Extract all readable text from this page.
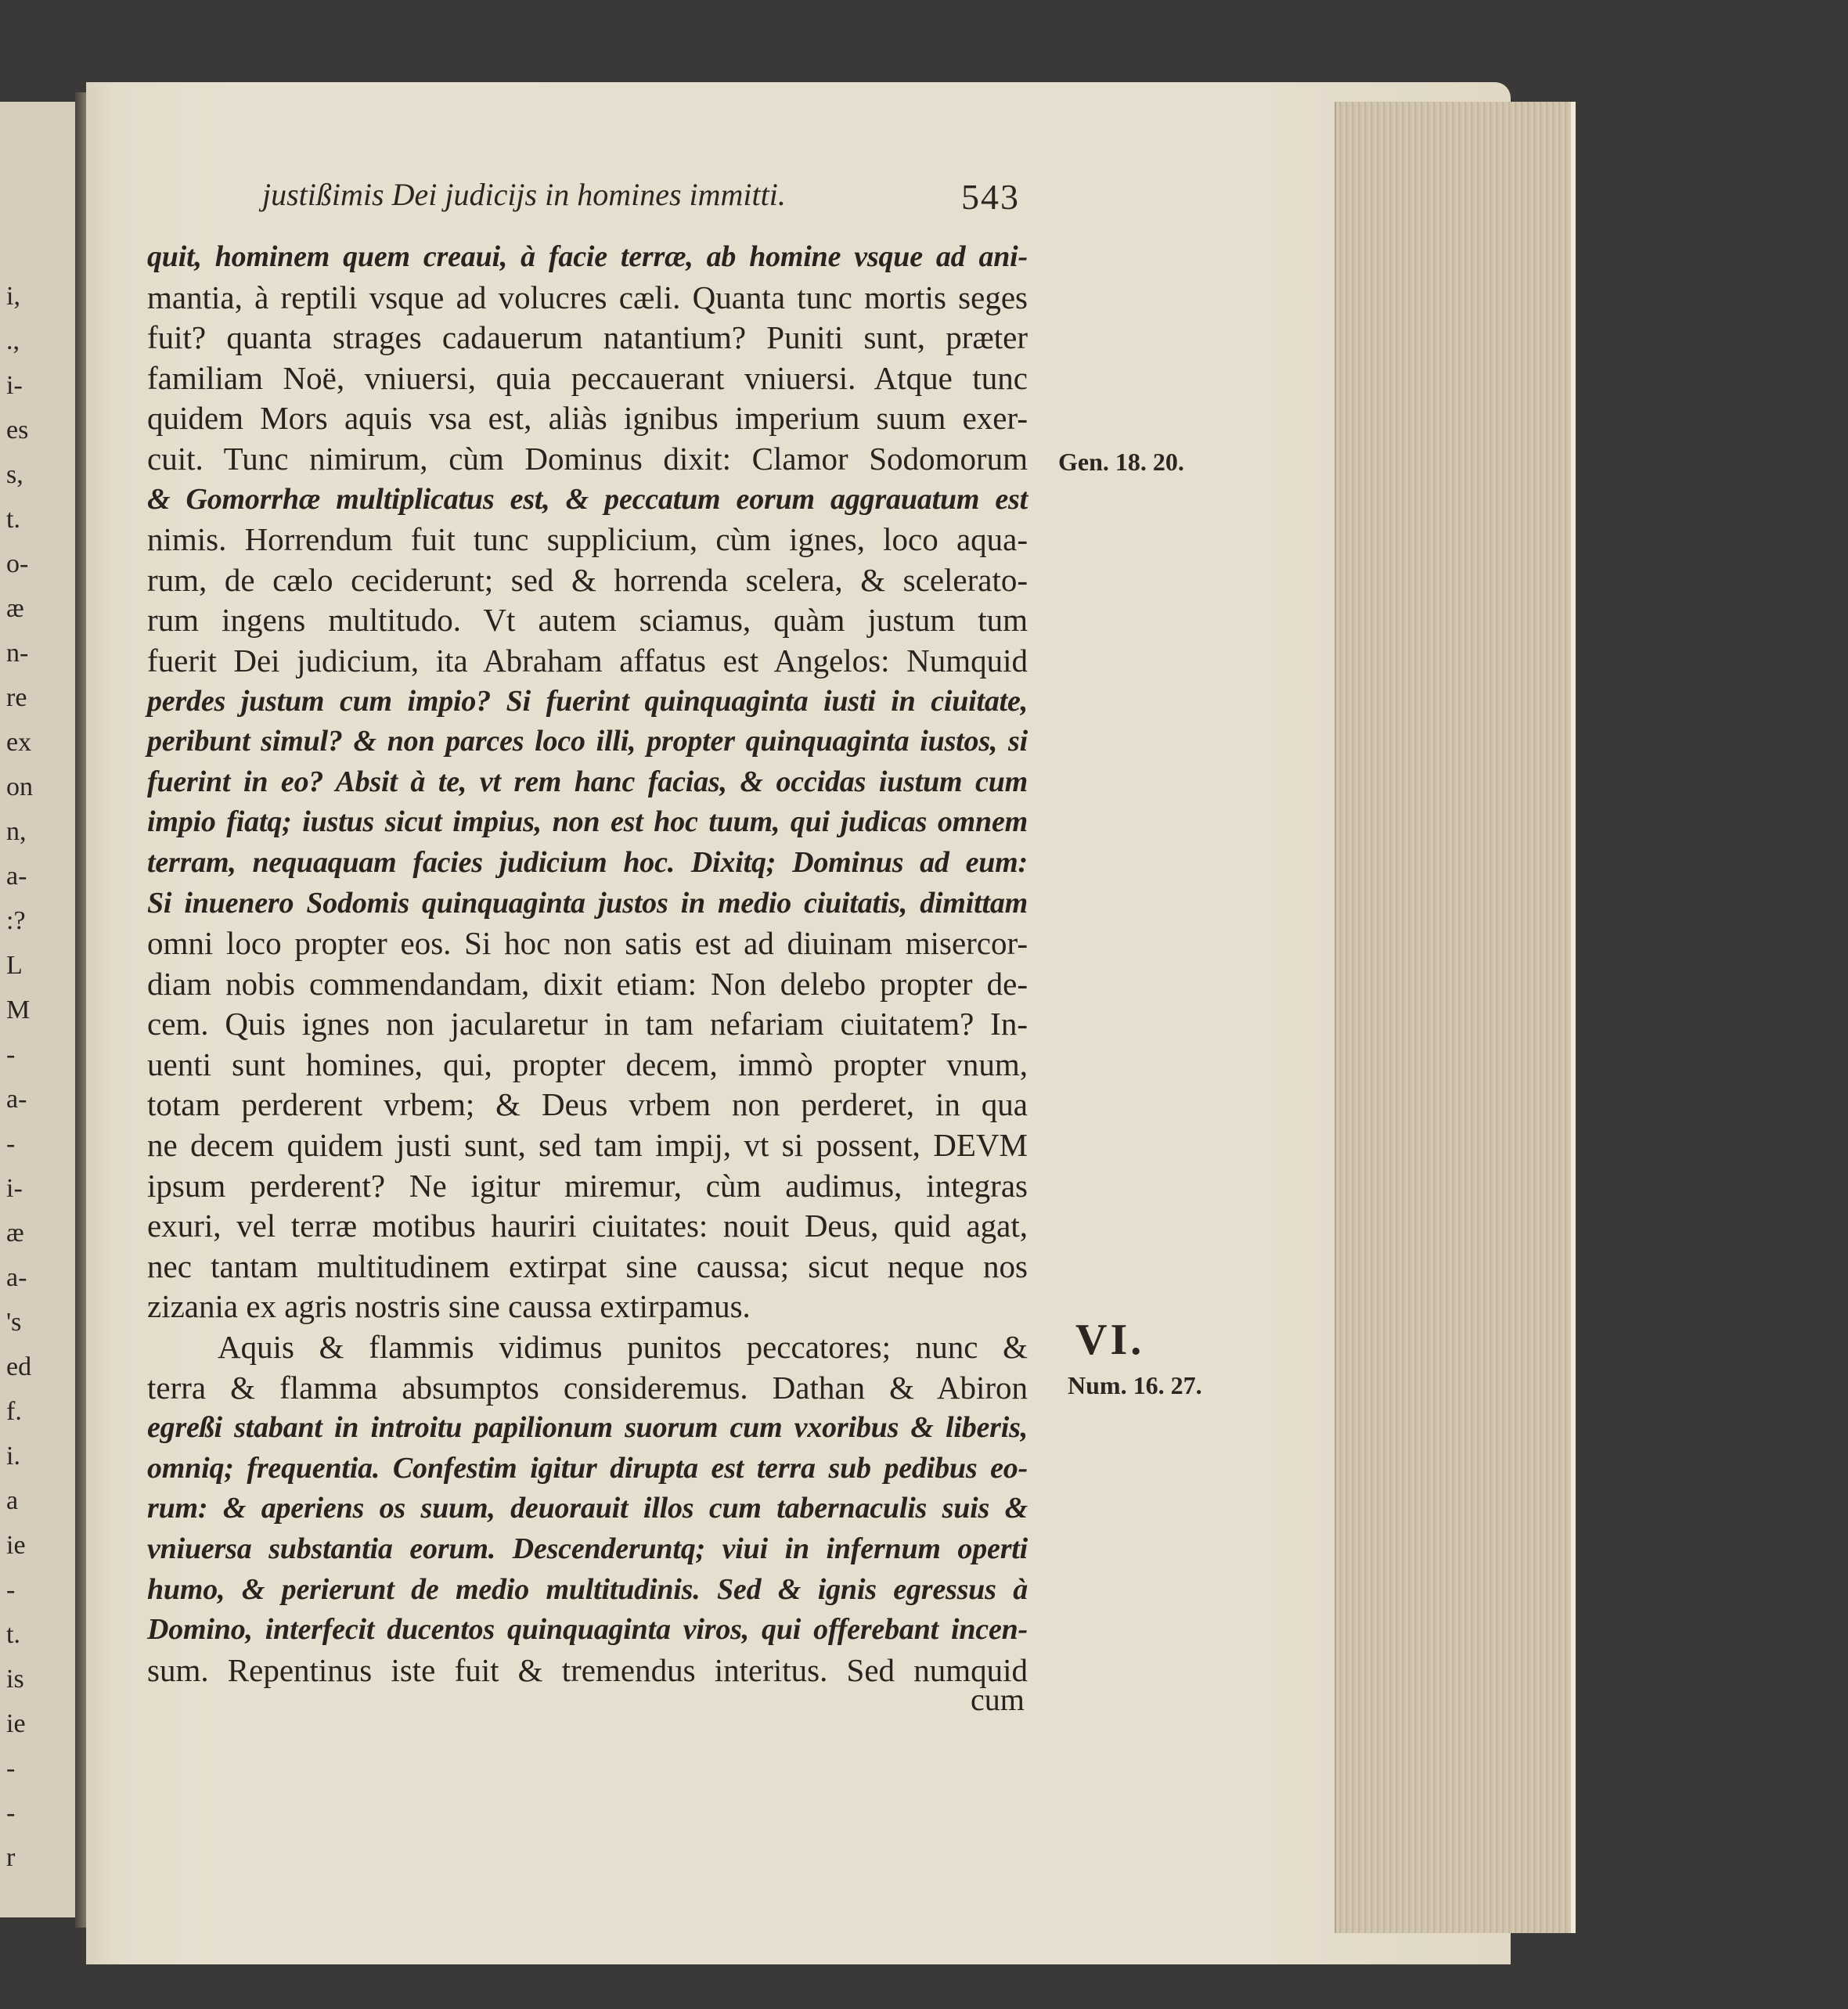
i,
.,
i-
es
s,
t.
o-
æ
n-
re
ex
on
n,
a-
:?
L
M
-
a-
-
i-
æ
a-
's
ed
f.
i.
a
ie
-
t.
is
ie
-
-
r
justißimis Dei judicijs in homines immitti.	543
quit, hominem quem creaui, à facie terræ, ab homine vsque ad ani-
mantia, à reptili vsque ad volucres cæli. Quanta tunc mortis seges
fuit? quanta strages cadauerum natantium? Puniti sunt, præter
familiam Noë, vniuersi, quia peccauerant vniuersi. Atque tunc
quidem Mors aquis vsa est, aliàs ignibus imperium suum exer-
cuit. Tunc nimirum, cùm Dominus dixit: Clamor Sodomorum
& Gomorrhæ multiplicatus est, & peccatum eorum aggrauatum est
nimis. Horrendum fuit tunc supplicium, cùm ignes, loco aqua-
rum, de cælo ceciderunt; sed & horrenda scelera, & scelerato-
rum ingens multitudo. Vt autem sciamus, quàm justum tum
fuerit Dei judicium, ita Abraham affatus est Angelos: Numquid
perdes justum cum impio? Si fuerint quinquaginta iusti in ciuitate,
peribunt simul? & non parces loco illi, propter quinquaginta iustos, si
fuerint in eo? Absit à te, vt rem hanc facias, & occidas iustum cum
impio fiatq; iustus sicut impius, non est hoc tuum, qui judicas omnem
terram, nequaquam facies judicium hoc. Dixitq; Dominus ad eum:
Si inuenero Sodomis quinquaginta justos in medio ciuitatis, dimittam
omni loco propter eos. Si hoc non satis est ad diuinam misercor-
diam nobis commendandam, dixit etiam: Non delebo propter de-
cem. Quis ignes non jacularetur in tam nefariam ciuitatem? In-
uenti sunt homines, qui, propter decem, immò propter vnum,
totam perderent vrbem; & Deus vrbem non perderet, in qua
ne decem quidem justi sunt, sed tam impij, vt si possent, DEVM
ipsum perderent? Ne igitur miremur, cùm audimus, integras
exuri, vel terræ motibus hauriri ciuitates: nouit Deus, quid agat,
nec tantam multitudinem extirpat sine caussa; sicut neque nos
zizania ex agris nostris sine caussa extirpamus.
Aquis & flammis vidimus punitos peccatores; nunc &
terra & flamma absumptos consideremus. Dathan & Abiron
egreßi stabant in introitu papilionum suorum cum vxoribus & liberis,
omniq; frequentia. Confestim igitur dirupta est terra sub pedibus eo-
rum: & aperiens os suum, deuorauit illos cum tabernaculis suis &
vniuersa substantia eorum. Descenderuntq; viui in infernum operti
humo, & perierunt de medio multitudinis. Sed & ignis egressus à
Domino, interfecit ducentos quinquaginta viros, qui offerebant incen-
sum. Repentinus iste fuit & tremendus interitus. Sed numquid
cum
Gen. 18. 20.
VI.
Num. 16. 27.
